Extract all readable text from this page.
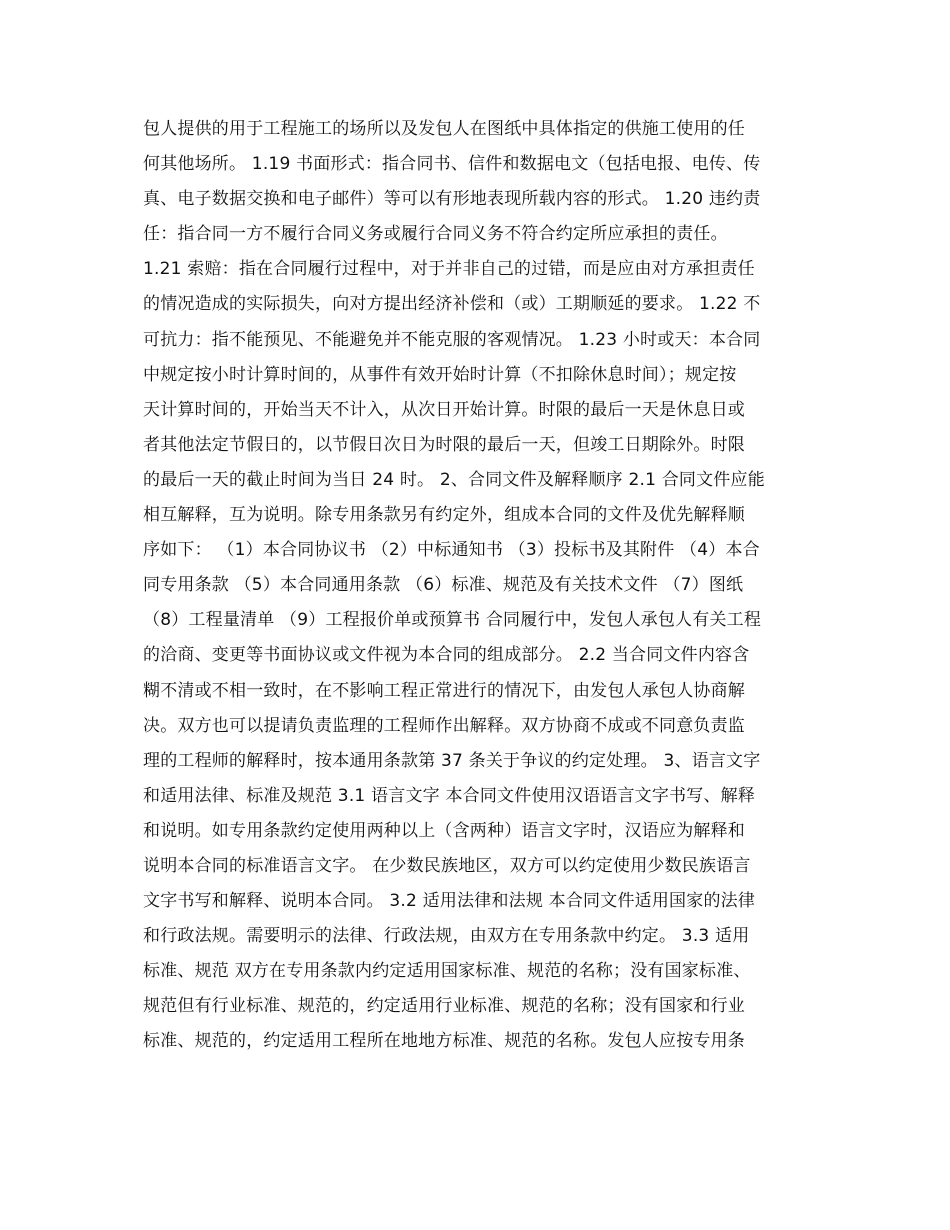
包人提供的用于工程施工的场所以及发包人在图纸中具体指定的供施工使用的任
何其他场所。 1.19 书面形式：指合同书、信件和数据电文（包括电报、电传、传
真、电子数据交换和电子邮件）等可以有形地表现所载内容的形式。 1.20 违约责
任：指合同一方不履行合同义务或履行合同义务不符合约定所应承担的责任。
1.21 索赔：指在合同履行过程中，对于并非自己的过错，而是应由对方承担责任
的情况造成的实际损失，向对方提出经济补偿和（或）工期顺延的要求。 1.22 不
可抗力：指不能预见、不能避免并不能克服的客观情况。 1.23 小时或天：本合同
中规定按小时计算时间的，从事件有效开始时计算（不扣除休息时间）；规定按
天计算时间的，开始当天不计入，从次日开始计算。时限的最后一天是休息日或
者其他法定节假日的，以节假日次日为时限的最后一天，但竣工日期除外。时限
的最后一天的截止时间为当日 24 时。 2、合同文件及解释顺序 2.1 合同文件应能
相互解释，互为说明。除专用条款另有约定外，组成本合同的文件及优先解释顺
序如下： （1）本合同协议书 （2）中标通知书 （3）投标书及其附件 （4）本合
同专用条款 （5）本合同通用条款 （6）标准、规范及有关技术文件 （7）图纸
（8）工程量清单 （9）工程报价单或预算书 合同履行中，发包人承包人有关工程
的洽商、变更等书面协议或文件视为本合同的组成部分。 2.2 当合同文件内容含
糊不清或不相一致时，在不影响工程正常进行的情况下，由发包人承包人协商解
决。双方也可以提请负责监理的工程师作出解释。双方协商不成或不同意负责监
理的工程师的解释时，按本通用条款第 37 条关于争议的约定处理。 3、语言文字
和适用法律、标准及规范 3.1 语言文字 本合同文件使用汉语语言文字书写、解释
和说明。如专用条款约定使用两种以上（含两种）语言文字时，汉语应为解释和
说明本合同的标准语言文字。 在少数民族地区，双方可以约定使用少数民族语言
文字书写和解释、说明本合同。 3.2 适用法律和法规 本合同文件适用国家的法律
和行政法规。需要明示的法律、行政法规，由双方在专用条款中约定。 3.3 适用
标准、规范 双方在专用条款内约定适用国家标准、规范的名称；没有国家标准、
规范但有行业标准、规范的，约定适用行业标准、规范的名称；没有国家和行业
标准、规范的，约定适用工程所在地地方标准、规范的名称。发包人应按专用条
